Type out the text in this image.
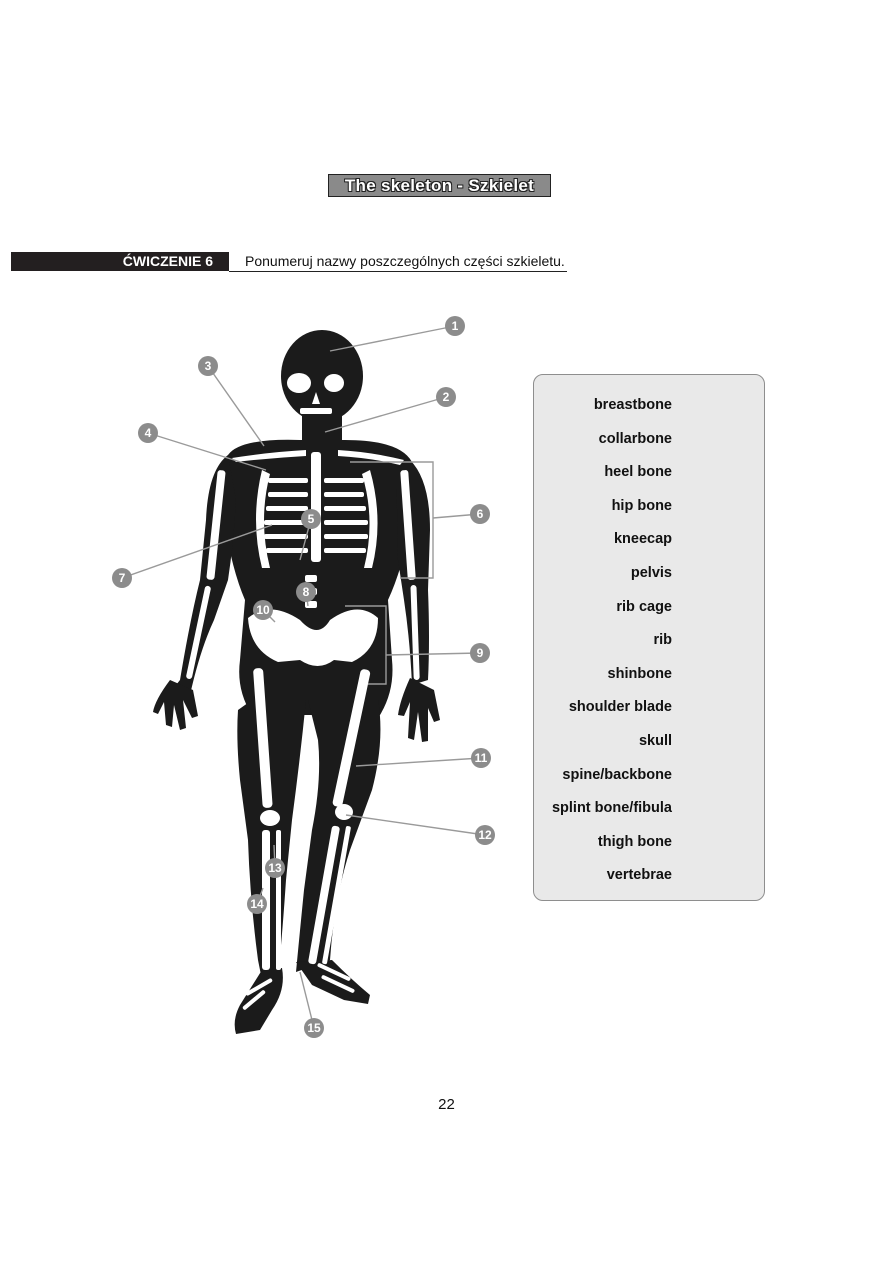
The skeleton - Szkielet
ĆWICZENIE 6	Ponumeruj nazwy poszczególnych części szkieletu.
1
2
3
4
5	6
7
8
9
10
11
12
13
14
15
breastbone
collarbone
heel bone
hip bone
kneecap
pelvis
rib cage
rib
shinbone
shoulder blade
skull
spine/backbone
splint bone/fibula
thigh bone
vertebrae
22
